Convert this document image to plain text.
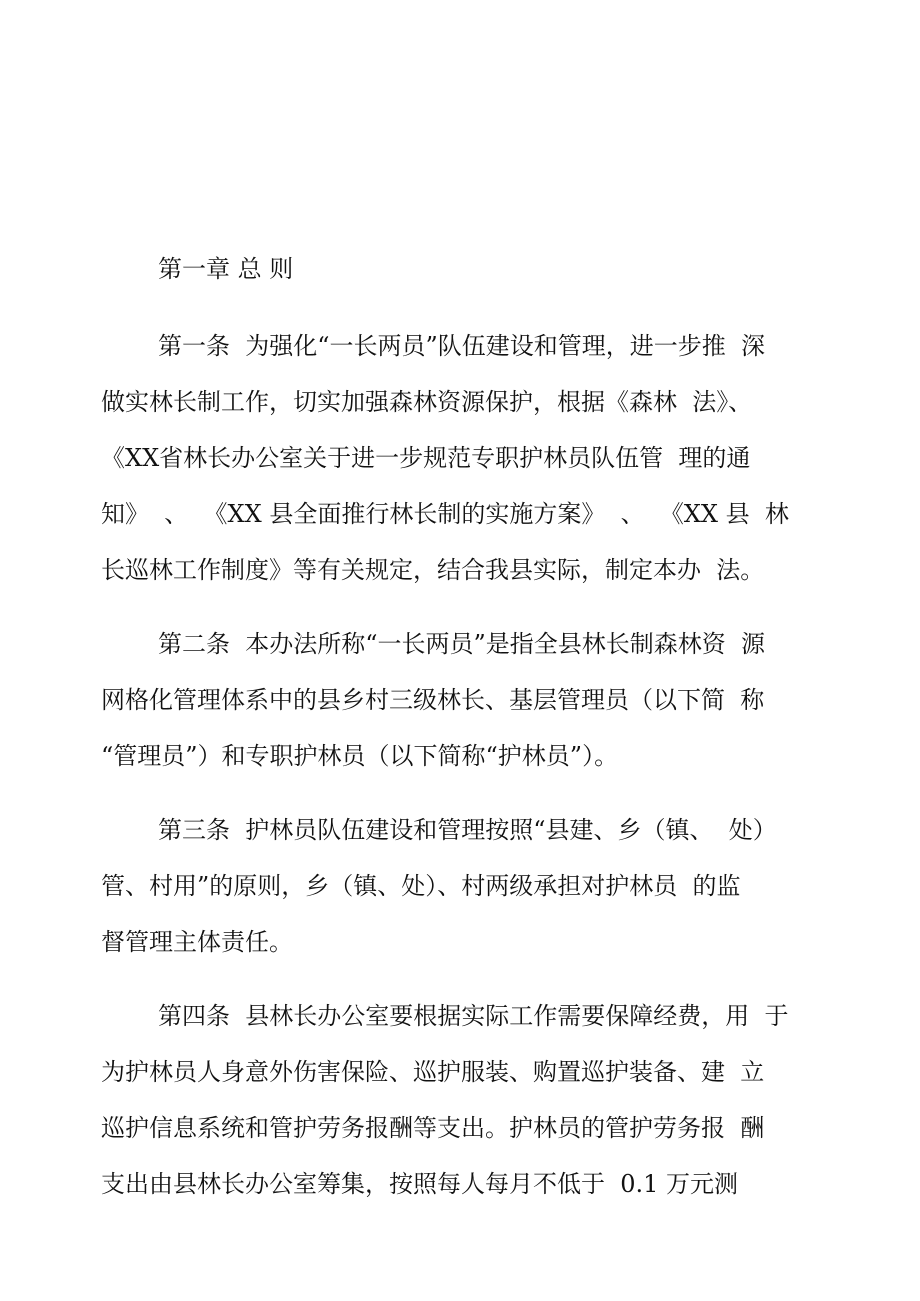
第一章 总 则
第一条  为强化“一长两员”队伍建设和管理，进一步推  深
做实林长制工作，切实加强森林资源保护，根据《森林  法》、
《XX省林长办公室关于进一步规范专职护林员队伍管  理的通
知》  、  《XX 县全面推行林长制的实施方案》  、  《XX 县  林
长巡林工作制度》等有关规定，结合我县实际，制定本办  法。
第二条  本办法所称“一长两员”是指全县林长制森林资  源
网格化管理体系中的县乡村三级林长、基层管理员（以下简  称
“管理员”）和专职护林员（以下简称“护林员”）。
第三条  护林员队伍建设和管理按照“县建、乡（镇、  处）
管、村用”的原则，乡（镇、处）、村两级承担对护林员  的监
督管理主体责任。
第四条  县林长办公室要根据实际工作需要保障经费，用  于
为护林员人身意外伤害保险、巡护服装、购置巡护装备、建  立
巡护信息系统和管护劳务报酬等支出。护林员的管护劳务报  酬
支出由县林长办公室筹集，按照每人每月不低于  0.1 万元测
